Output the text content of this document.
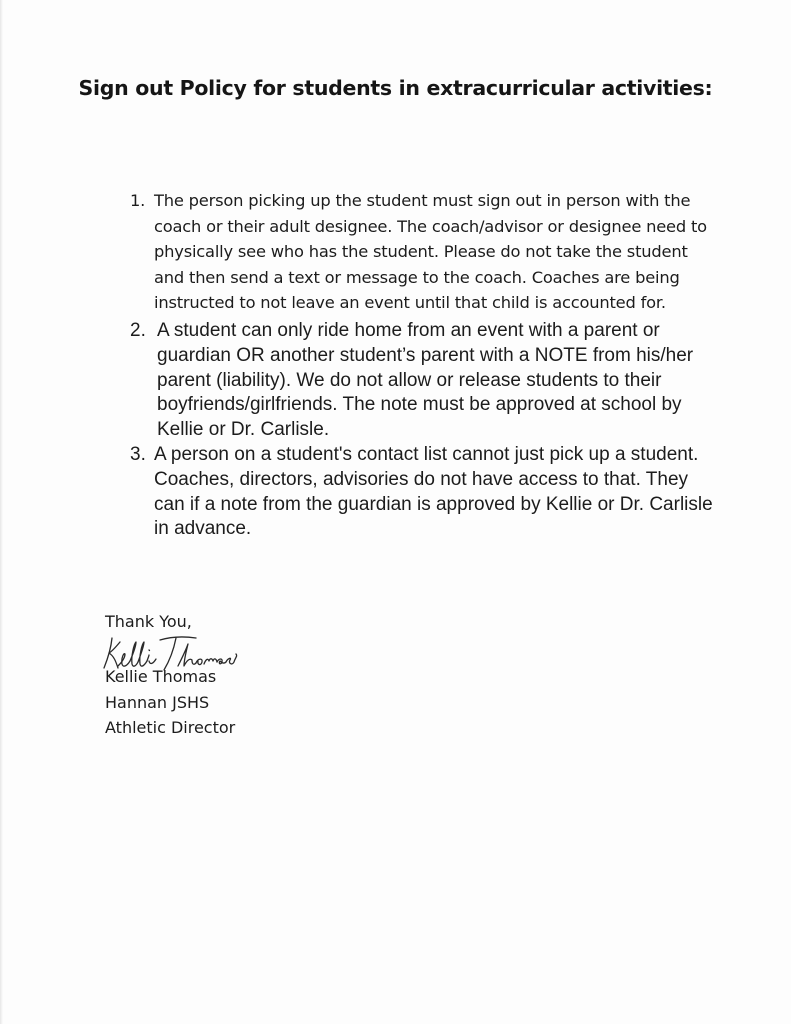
Sign out Policy for students in extracurricular activities:
1. The person picking up the student must sign out in person with the coach or their adult designee. The coach/advisor or designee need to physically see who has the student. Please do not take the student and then send a text or message to the coach. Coaches are being instructed to not leave an event until that child is accounted for.
2. A student can only ride home from an event with a parent or guardian OR another student’s parent with a NOTE from his/her parent (liability). We do not allow or release students to their boyfriends/girlfriends. The note must be approved at school by Kellie or Dr. Carlisle.
3. A person on a student's contact list cannot just pick up a student. Coaches, directors, advisories do not have access to that. They can if a note from the guardian is approved by Kellie or Dr. Carlisle in advance.
Thank You,
Kellie Thomas
Hannan JSHS
Athletic Director
